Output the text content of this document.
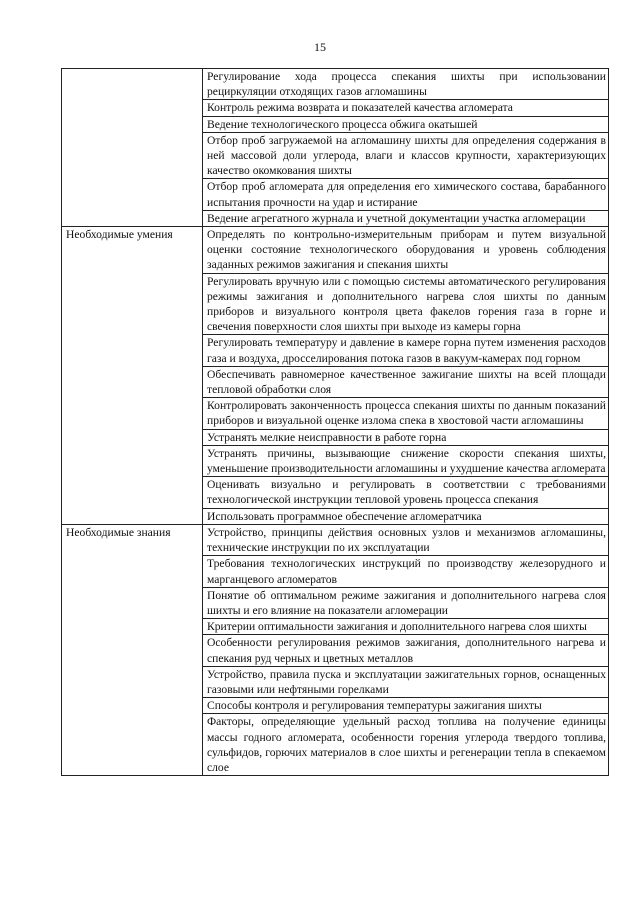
15
	Регулирование хода процесса спекания шихты при использовании рециркуляции отходящих газов агломашины
	Контроль режима возврата и показателей качества агломерата
	Ведение технологического процесса обжига окатышей
	Отбор проб загружаемой на агломашину шихты для определения содержания в ней массовой доли углерода, влаги и классов крупности, характеризующих качество окомкования шихты
	Отбор проб агломерата для определения его химического состава, барабанного испытания прочности на удар и истирание
	Ведение агрегатного журнала и учетной документации участка агломерации
Необходимые умения	Определять по контрольно-измерительным приборам и путем визуальной оценки состояние технологического оборудования и уровень соблюдения заданных режимов зажигания и спекания шихты
	Регулировать вручную или с помощью системы автоматического регулирования режимы зажигания и дополнительного нагрева слоя шихты по данным приборов и визуального контроля цвета факелов горения газа в горне и свечения поверхности слоя шихты при выходе из камеры горна
	Регулировать температуру и давление в камере горна путем изменения расходов газа и воздуха, дросселирования потока газов в вакуум-камерах под горном
	Обеспечивать равномерное качественное зажигание шихты на всей площади тепловой обработки слоя
	Контролировать законченность процесса спекания шихты по данным показаний приборов и визуальной оценке излома спека в хвостовой части агломашины
	Устранять мелкие неисправности в работе горна
	Устранять причины, вызывающие снижение скорости спекания шихты, уменьшение производительности агломашины и ухудшение качества агломерата
	Оценивать визуально и регулировать в соответствии с требованиями технологической инструкции тепловой уровень процесса спекания
	Использовать программное обеспечение агломератчика
Необходимые знания	Устройство, принципы действия основных узлов и механизмов агломашины, технические инструкции по их эксплуатации
	Требования технологических инструкций по производству железорудного и марганцевого агломератов
	Понятие об оптимальном режиме зажигания и дополнительного нагрева слоя шихты и его влияние на показатели агломерации
	Критерии оптимальности зажигания и дополнительного нагрева слоя шихты
	Особенности регулирования режимов зажигания, дополнительного нагрева и спекания руд черных и цветных металлов
	Устройство, правила пуска и эксплуатации зажигательных горнов, оснащенных газовыми или нефтяными горелками
	Способы контроля и регулирования температуры зажигания шихты
	Факторы, определяющие удельный расход топлива на получение единицы массы годного агломерата, особенности горения углерода твердого топлива, сульфидов, горючих материалов в слое шихты и регенерации тепла в спекаемом слое
